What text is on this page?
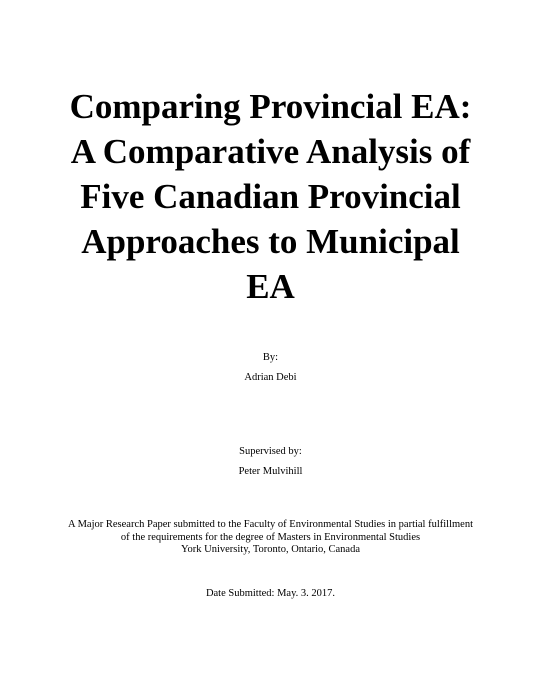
Comparing Provincial EA:
A Comparative Analysis of
Five Canadian Provincial
Approaches to Municipal
EA
By:
Adrian Debi
Supervised by:
Peter Mulvihill
A Major Research Paper submitted to the Faculty of Environmental Studies in partial fulfillment
of the requirements for the degree of Masters in Environmental Studies
York University, Toronto, Ontario, Canada
Date Submitted: May. 3. 2017.
